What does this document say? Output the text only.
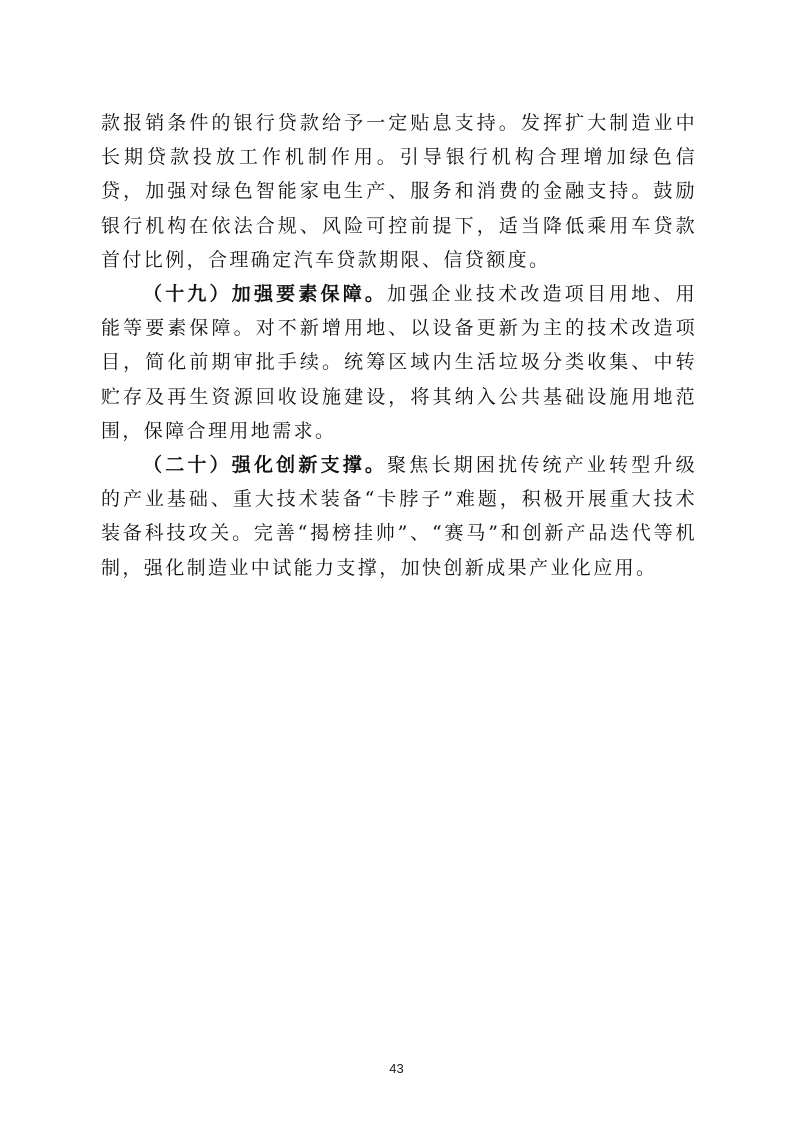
款报销条件的银行贷款给予一定贴息支持。发挥扩大制造业中长期贷款投放工作机制作用。引导银行机构合理增加绿色信贷，加强对绿色智能家电生产、服务和消费的金融支持。鼓励银行机构在依法合规、风险可控前提下，适当降低乘用车贷款首付比例，合理确定汽车贷款期限、信贷额度。

（十九）加强要素保障。加强企业技术改造项目用地、用能等要素保障。对不新增用地、以设备更新为主的技术改造项目，简化前期审批手续。统筹区域内生活垃圾分类收集、中转贮存及再生资源回收设施建设，将其纳入公共基础设施用地范围，保障合理用地需求。

（二十）强化创新支撑。聚焦长期困扰传统产业转型升级的产业基础、重大技术装备“卡脖子”难题，积极开展重大技术装备科技攻关。完善“揭榜挂帅”、“赛马”和创新产品迭代等机制，强化制造业中试能力支撑，加快创新成果产业化应用。

43
